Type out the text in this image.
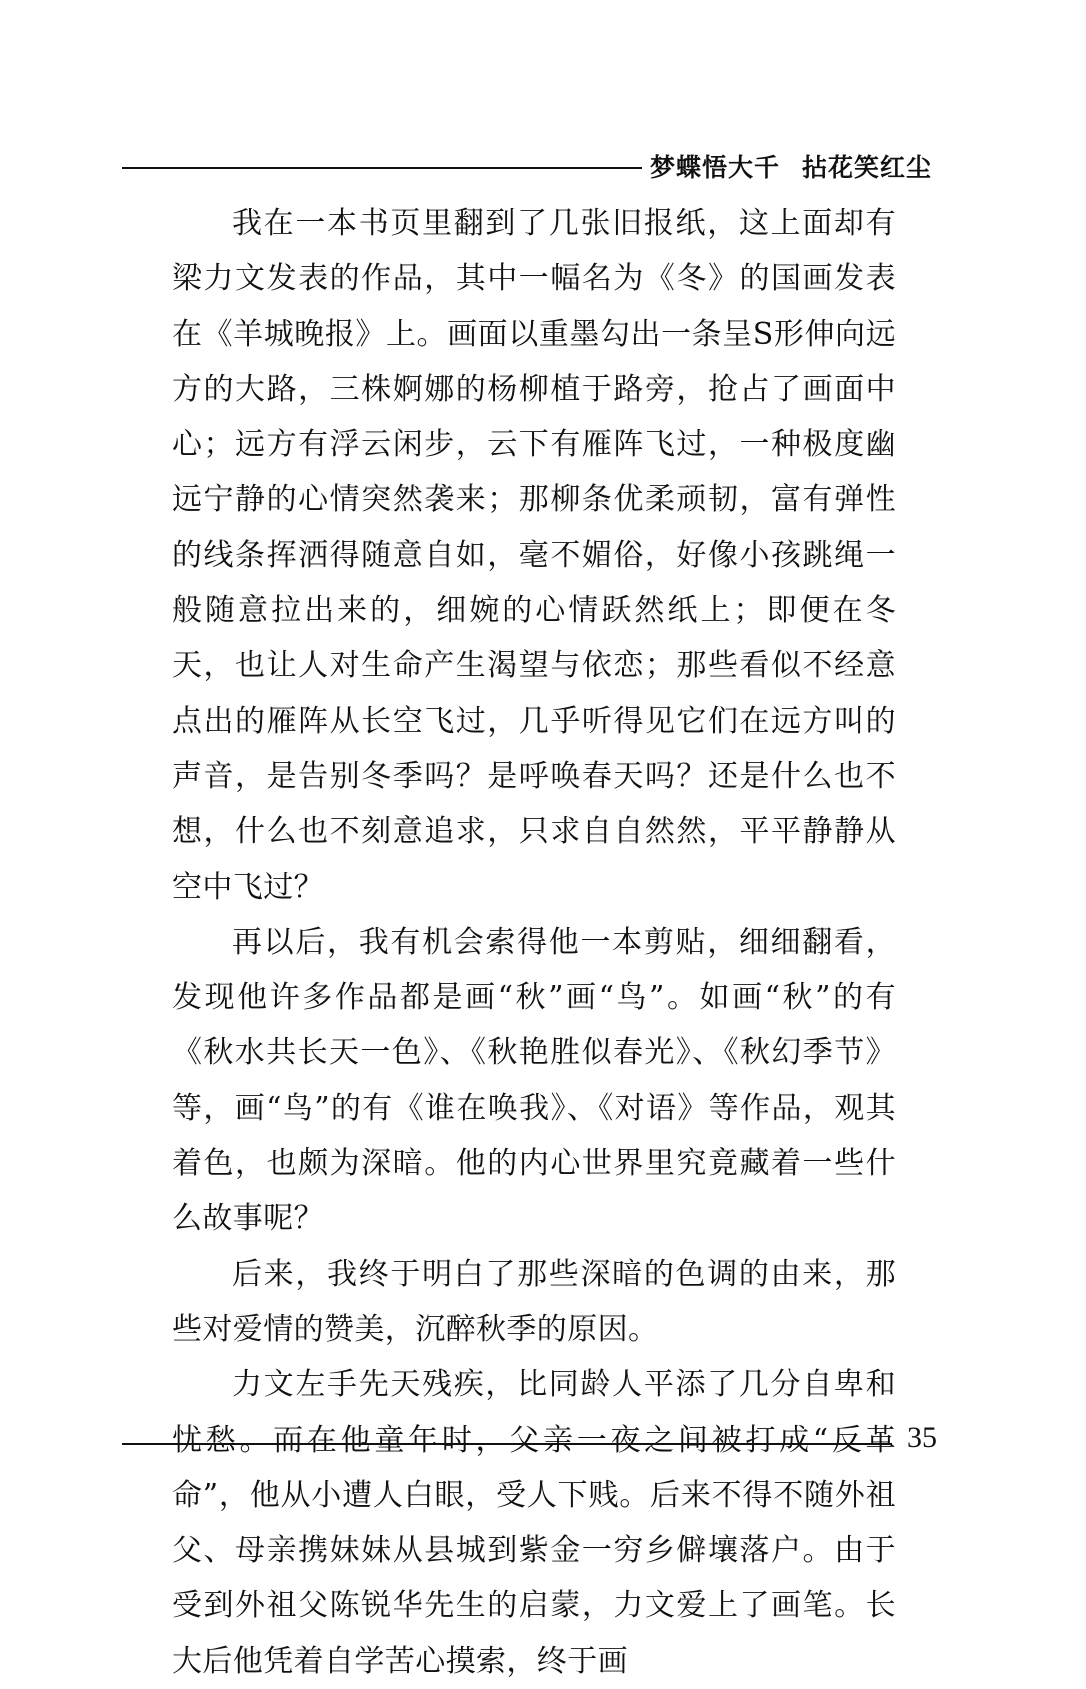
梦蝶悟大千 拈花笑红尘

我在一本书页里翻到了几张旧报纸，这上面却有梁力文发表的作品，其中一幅名为《冬》的国画发表在《羊城晚报》上。画面以重墨勾出一条呈S形伸向远方的大路，三株婀娜的杨柳植于路旁，抢占了画面中心；远方有浮云闲步，云下有雁阵飞过，一种极度幽远宁静的心情突然袭来；那柳条优柔顽韧，富有弹性的线条挥洒得随意自如，毫不媚俗，好像小孩跳绳一般随意拉出来的，细婉的心情跃然纸上；即便在冬天，也让人对生命产生渴望与依恋；那些看似不经意点出的雁阵从长空飞过，几乎听得见它们在远方叫的声音，是告别冬季吗？是呼唤春天吗？还是什么也不想，什么也不刻意追求，只求自自然然，平平静静从空中飞过？

再以后，我有机会索得他一本剪贴，细细翻看，发现他许多作品都是画“秋”画“鸟”。如画“秋”的有《秋水共长天一色》、《秋艳胜似春光》、《秋幻季节》等，画“鸟”的有《谁在唤我》、《对语》等作品，观其着色，也颇为深暗。他的内心世界里究竟藏着一些什么故事呢？

后来，我终于明白了那些深暗的色调的由来，那些对爱情的赞美，沉醉秋季的原因。

力文左手先天残疾，比同龄人平添了几分自卑和忧愁。而在他童年时，父亲一夜之间被打成“反革命”，他从小遭人白眼，受人下贱。后来不得不随外祖父、母亲携妹妹从县城到紫金一穷乡僻壤落户。由于受到外祖父陈锐华先生的启蒙，力文爱上了画笔。长大后他凭着自学苦心摸索，终于画

35
